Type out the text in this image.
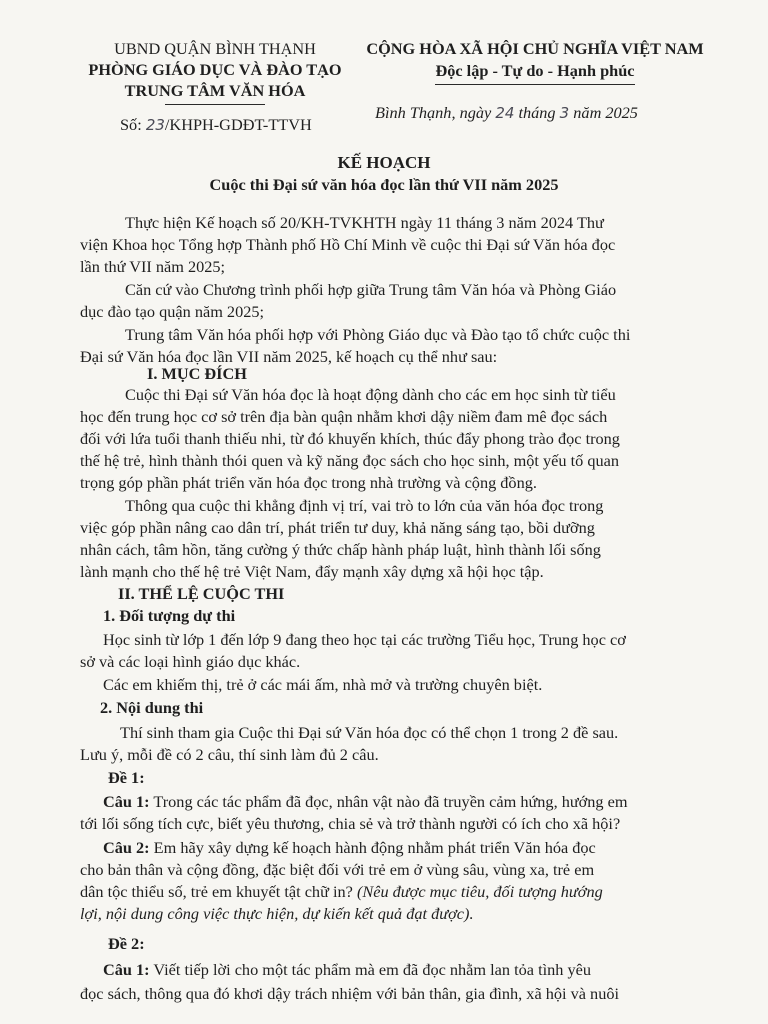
UBND QUẬN BÌNH THẠNH
PHÒNG GIÁO DỤC VÀ ĐÀO TẠO
TRUNG TÂM VĂN HÓA
Số: 23/KHPH-GDĐT-TTVH
CỘNG HÒA XÃ HỘI CHỦ NGHĨA VIỆT NAM
Độc lập - Tự do - Hạnh phúc
Bình Thạnh, ngày 24 tháng 3 năm 2025
KẾ HOẠCH
Cuộc thi Đại sứ văn hóa đọc lần thứ VII năm 2025
Thực hiện Kế hoạch số 20/KH-TVKHTH ngày 11 tháng 3 năm 2024 Thư
viện Khoa học Tổng hợp Thành phố Hồ Chí Minh về cuộc thi Đại sứ Văn hóa đọc
lần thứ VII năm 2025;
Căn cứ vào Chương trình phối hợp giữa Trung tâm Văn hóa và Phòng Giáo
dục đào tạo quận năm 2025;
Trung tâm Văn hóa phối hợp với Phòng Giáo dục và Đào tạo tổ chức cuộc thi
Đại sứ Văn hóa đọc lần VII năm 2025, kế hoạch cụ thể như sau:
I. MỤC ĐÍCH
Cuộc thi Đại sứ Văn hóa đọc là hoạt động dành cho các em học sinh từ tiểu
học đến trung học cơ sở trên địa bàn quận nhằm khơi dậy niềm đam mê đọc sách
đối với lứa tuổi thanh thiếu nhi, từ đó khuyến khích, thúc đẩy phong trào đọc trong
thế hệ trẻ, hình thành thói quen và kỹ năng đọc sách cho học sinh, một yếu tố quan
trọng góp phần phát triển văn hóa đọc trong nhà trường và cộng đồng.
Thông qua cuộc thi khẳng định vị trí, vai trò to lớn của văn hóa đọc trong
việc góp phần nâng cao dân trí, phát triển tư duy, khả năng sáng tạo, bồi dưỡng
nhân cách, tâm hồn, tăng cường ý thức chấp hành pháp luật, hình thành lối sống
lành mạnh cho thế hệ trẻ Việt Nam, đẩy mạnh xây dựng xã hội học tập.
II. THỂ LỆ CUỘC THI
1. Đối tượng dự thi
Học sinh từ lớp 1 đến lớp 9 đang theo học tại các trường Tiểu học, Trung học cơ
sở và các loại hình giáo dục khác.
Các em khiếm thị, trẻ ở các mái ấm, nhà mở và trường chuyên biệt.
2. Nội dung thi
Thí sinh tham gia Cuộc thi Đại sứ Văn hóa đọc có thể chọn 1 trong 2 đề sau.
Lưu ý, mỗi đề có 2 câu, thí sinh làm đủ 2 câu.
Đề 1:
Câu 1: Trong các tác phẩm đã đọc, nhân vật nào đã truyền cảm hứng, hướng em
tới lối sống tích cực, biết yêu thương, chia sẻ và trở thành người có ích cho xã hội?
Câu 2: Em hãy xây dựng kế hoạch hành động nhằm phát triển Văn hóa đọc
cho bản thân và cộng đồng, đặc biệt đối với trẻ em ở vùng sâu, vùng xa, trẻ em
dân tộc thiểu số, trẻ em khuyết tật chữ in? (Nêu được mục tiêu, đối tượng hướng
lợi, nội dung công việc thực hiện, dự kiến kết quả đạt được).
Đề 2:
Câu 1: Viết tiếp lời cho một tác phẩm mà em đã đọc nhằm lan tỏa tình yêu
đọc sách, thông qua đó khơi dậy trách nhiệm với bản thân, gia đình, xã hội và nuôi
